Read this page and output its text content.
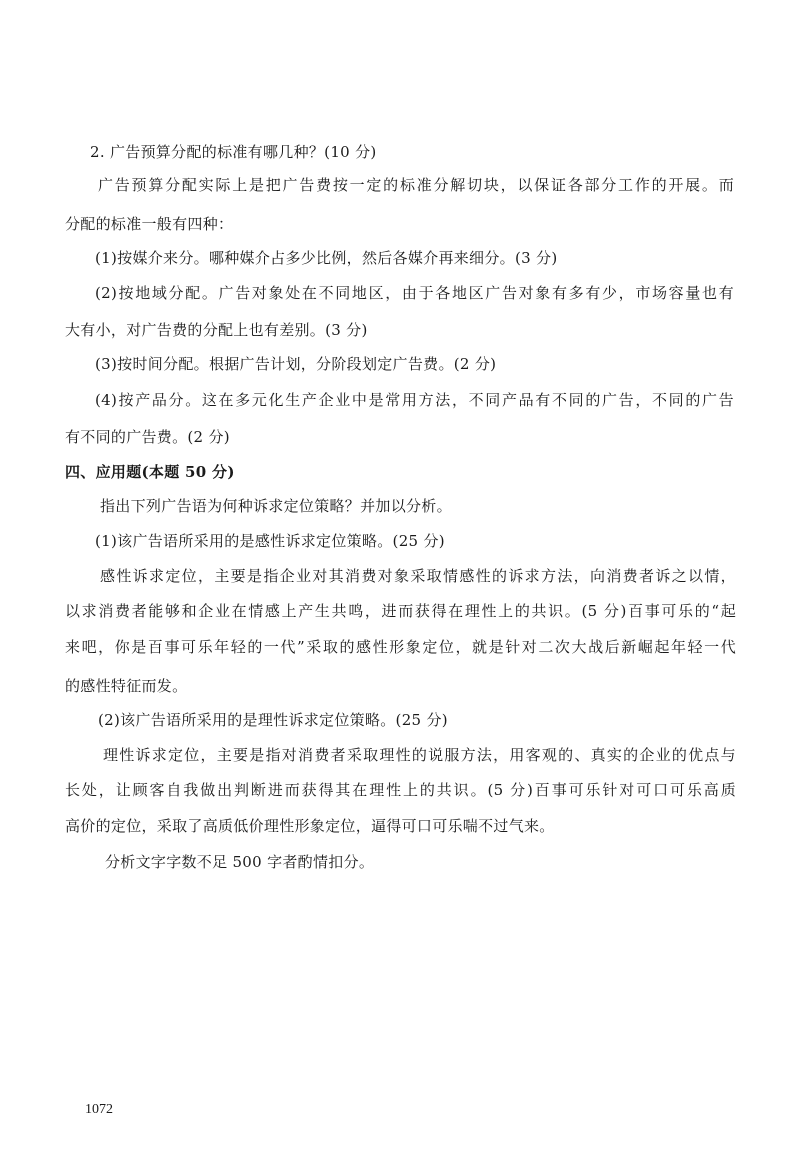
2. 广告预算分配的标准有哪几种？(10 分)
广告预算分配实际上是把广告费按一定的标准分解切块，以保证各部分工作的开展。而
分配的标准一般有四种：
(1)按媒介来分。哪种媒介占多少比例，然后各媒介再来细分。(3 分)
(2)按地域分配。广告对象处在不同地区，由于各地区广告对象有多有少，市场容量也有
大有小，对广告费的分配上也有差别。(3 分)
(3)按时间分配。根据广告计划，分阶段划定广告费。(2 分)
(4)按产品分。这在多元化生产企业中是常用方法，不同产品有不同的广告，不同的广告
有不同的广告费。(2 分)
四、应用题(本题 50 分)
指出下列广告语为何种诉求定位策略？并加以分析。
(1)该广告语所采用的是感性诉求定位策略。(25 分)
感性诉求定位，主要是指企业对其消费对象采取情感性的诉求方法，向消费者诉之以情，
以求消费者能够和企业在情感上产生共鸣，进而获得在理性上的共识。(5 分)百事可乐的“起
来吧，你是百事可乐年轻的一代”采取的感性形象定位，就是针对二次大战后新崛起年轻一代
的感性特征而发。
(2)该广告语所采用的是理性诉求定位策略。(25 分)
理性诉求定位，主要是指对消费者采取理性的说服方法，用客观的、真实的企业的优点与
长处，让顾客自我做出判断进而获得其在理性上的共识。(5 分)百事可乐针对可口可乐高质
高价的定位，采取了高质低价理性形象定位，逼得可口可乐喘不过气来。
分析文字字数不足 500 字者酌情扣分。
1072
